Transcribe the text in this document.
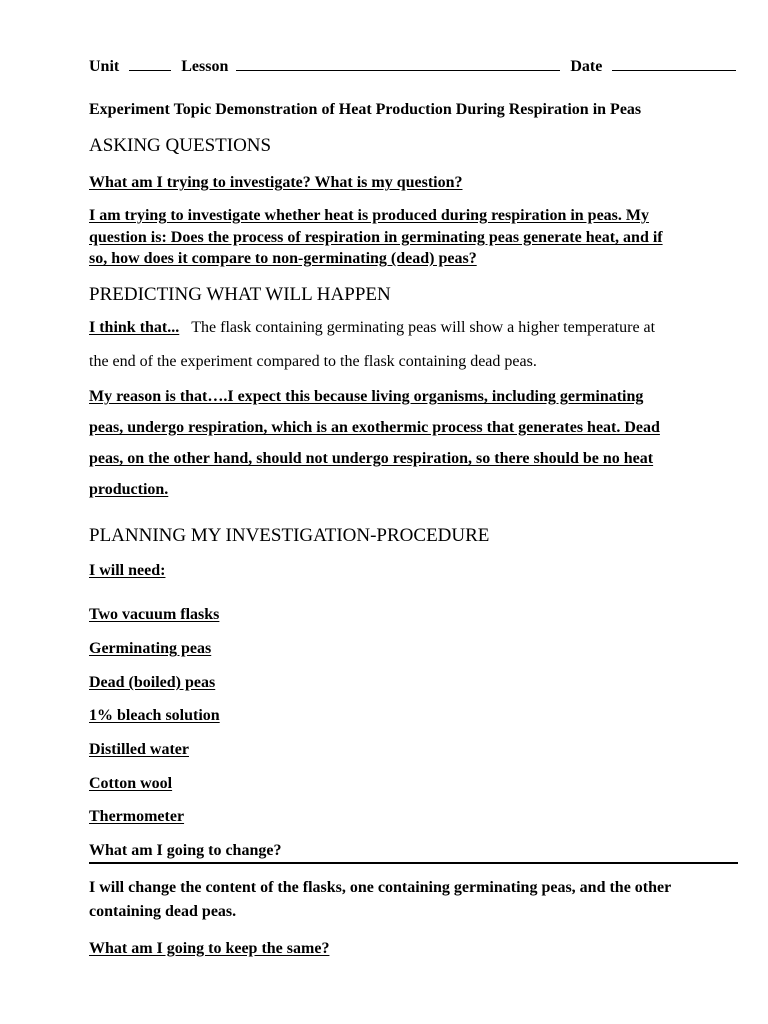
Unit	Lesson	Date
Experiment Topic Demonstration of Heat Production During Respiration in Peas
ASKING QUESTIONS
What am I trying to investigate? What is my question?
I am trying to investigate whether heat is produced during respiration in peas. My
question is: Does the process of respiration in germinating peas generate heat, and if
so, how does it compare to non-germinating (dead) peas?
PREDICTING WHAT WILL HAPPEN
I think that... The flask containing germinating peas will show a higher temperature at
the end of the experiment compared to the flask containing dead peas.
My reason is that….I expect this because living organisms, including germinating
peas, undergo respiration, which is an exothermic process that generates heat. Dead
peas, on the other hand, should not undergo respiration, so there should be no heat
production.
PLANNING MY INVESTIGATION-PROCEDURE
I will need:
Two vacuum flasks
Germinating peas
Dead (boiled) peas
1% bleach solution
Distilled water
Cotton wool
Thermometer
What am I going to change?
I will change the content of the flasks, one containing germinating peas, and the other
containing dead peas.
What am I going to keep the same?
